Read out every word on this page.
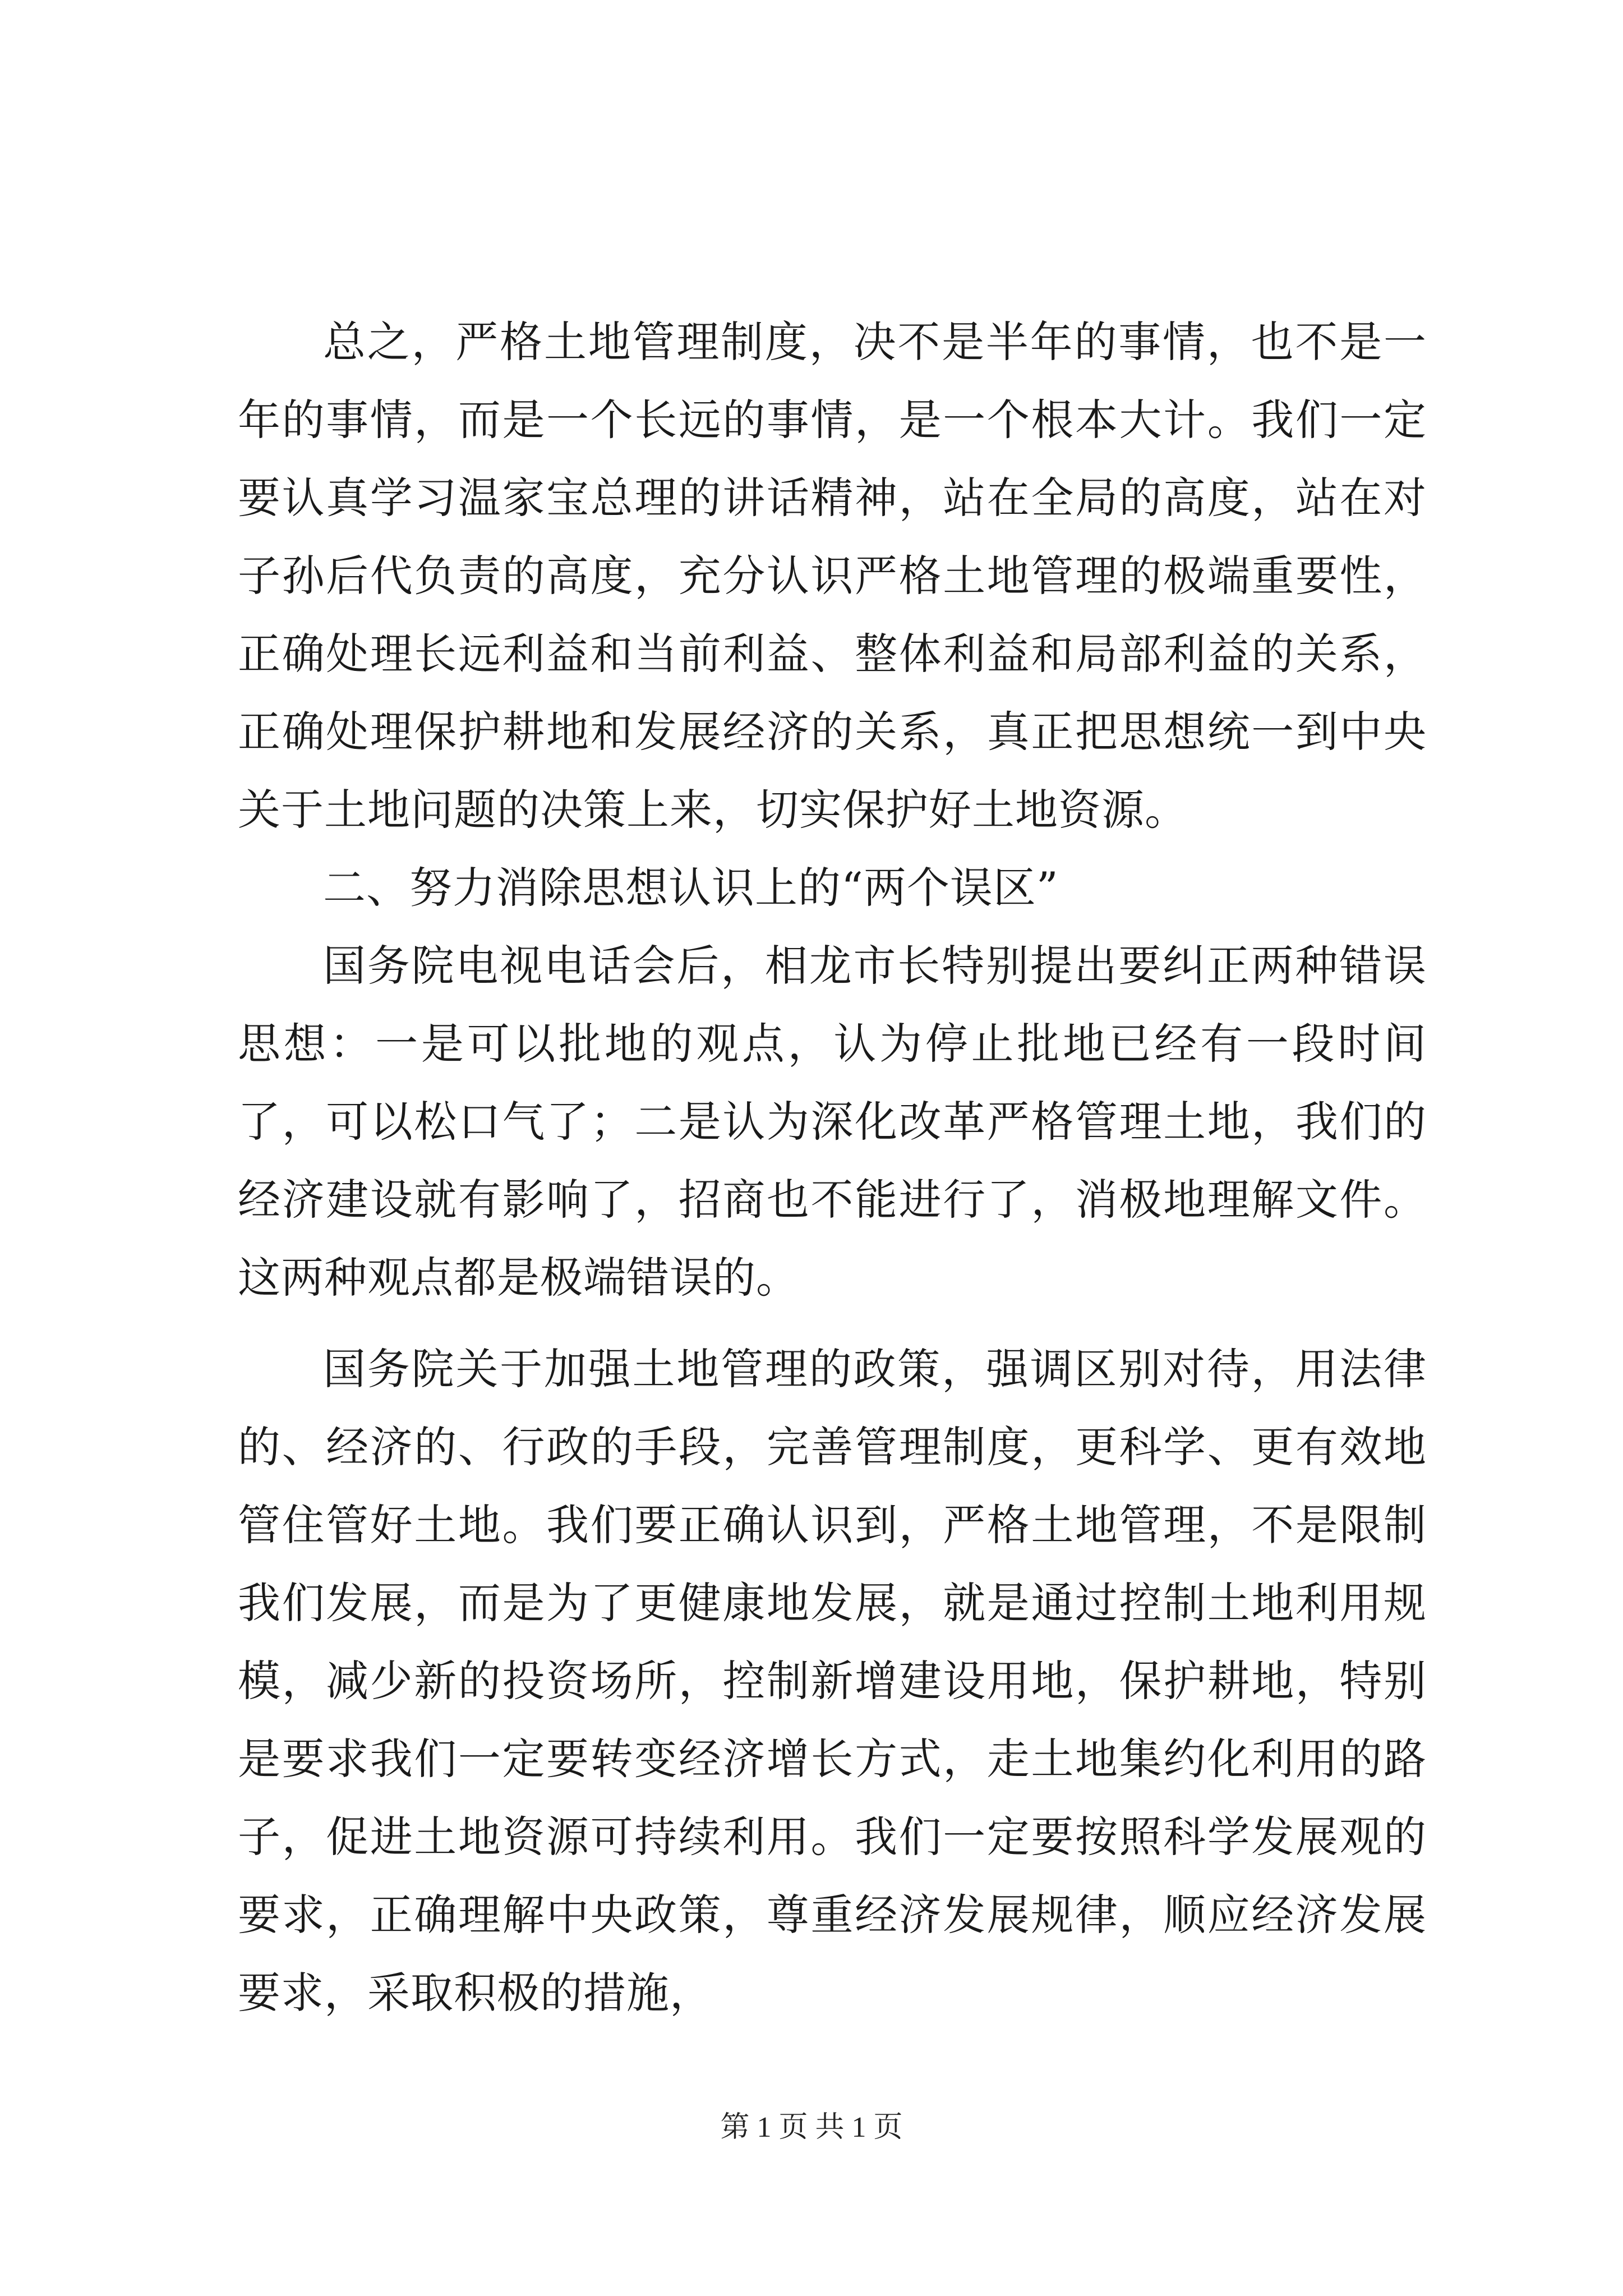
总之，严格土地管理制度，决不是半年的事情，也不是一年的事情，而是一个长远的事情，是一个根本大计。我们一定要认真学习温家宝总理的讲话精神，站在全局的高度，站在对子孙后代负责的高度，充分认识严格土地管理的极端重要性，正确处理长远利益和当前利益、整体利益和局部利益的关系，正确处理保护耕地和发展经济的关系，真正把思想统一到中央关于土地问题的决策上来，切实保护好土地资源。

二、努力消除思想认识上的“两个误区”

国务院电视电话会后，相龙市长特别提出要纠正两种错误思想：一是可以批地的观点，认为停止批地已经有一段时间了，可以松口气了；二是认为深化改革严格管理土地，我们的经济建设就有影响了，招商也不能进行了，消极地理解文件。这两种观点都是极端错误的。

国务院关于加强土地管理的政策，强调区别对待，用法律的、经济的、行政的手段，完善管理制度，更科学、更有效地管住管好土地。我们要正确认识到，严格土地管理，不是限制我们发展，而是为了更健康地发展，就是通过控制土地利用规模，减少新的投资场所，控制新增建设用地，保护耕地，特别是要求我们一定要转变经济增长方式，走土地集约化利用的路子，促进土地资源可持续利用。我们一定要按照科学发展观的要求，正确理解中央政策，尊重经济发展规律，顺应经济发展要求，采取积极的措施，

第 1 页 共 1 页
